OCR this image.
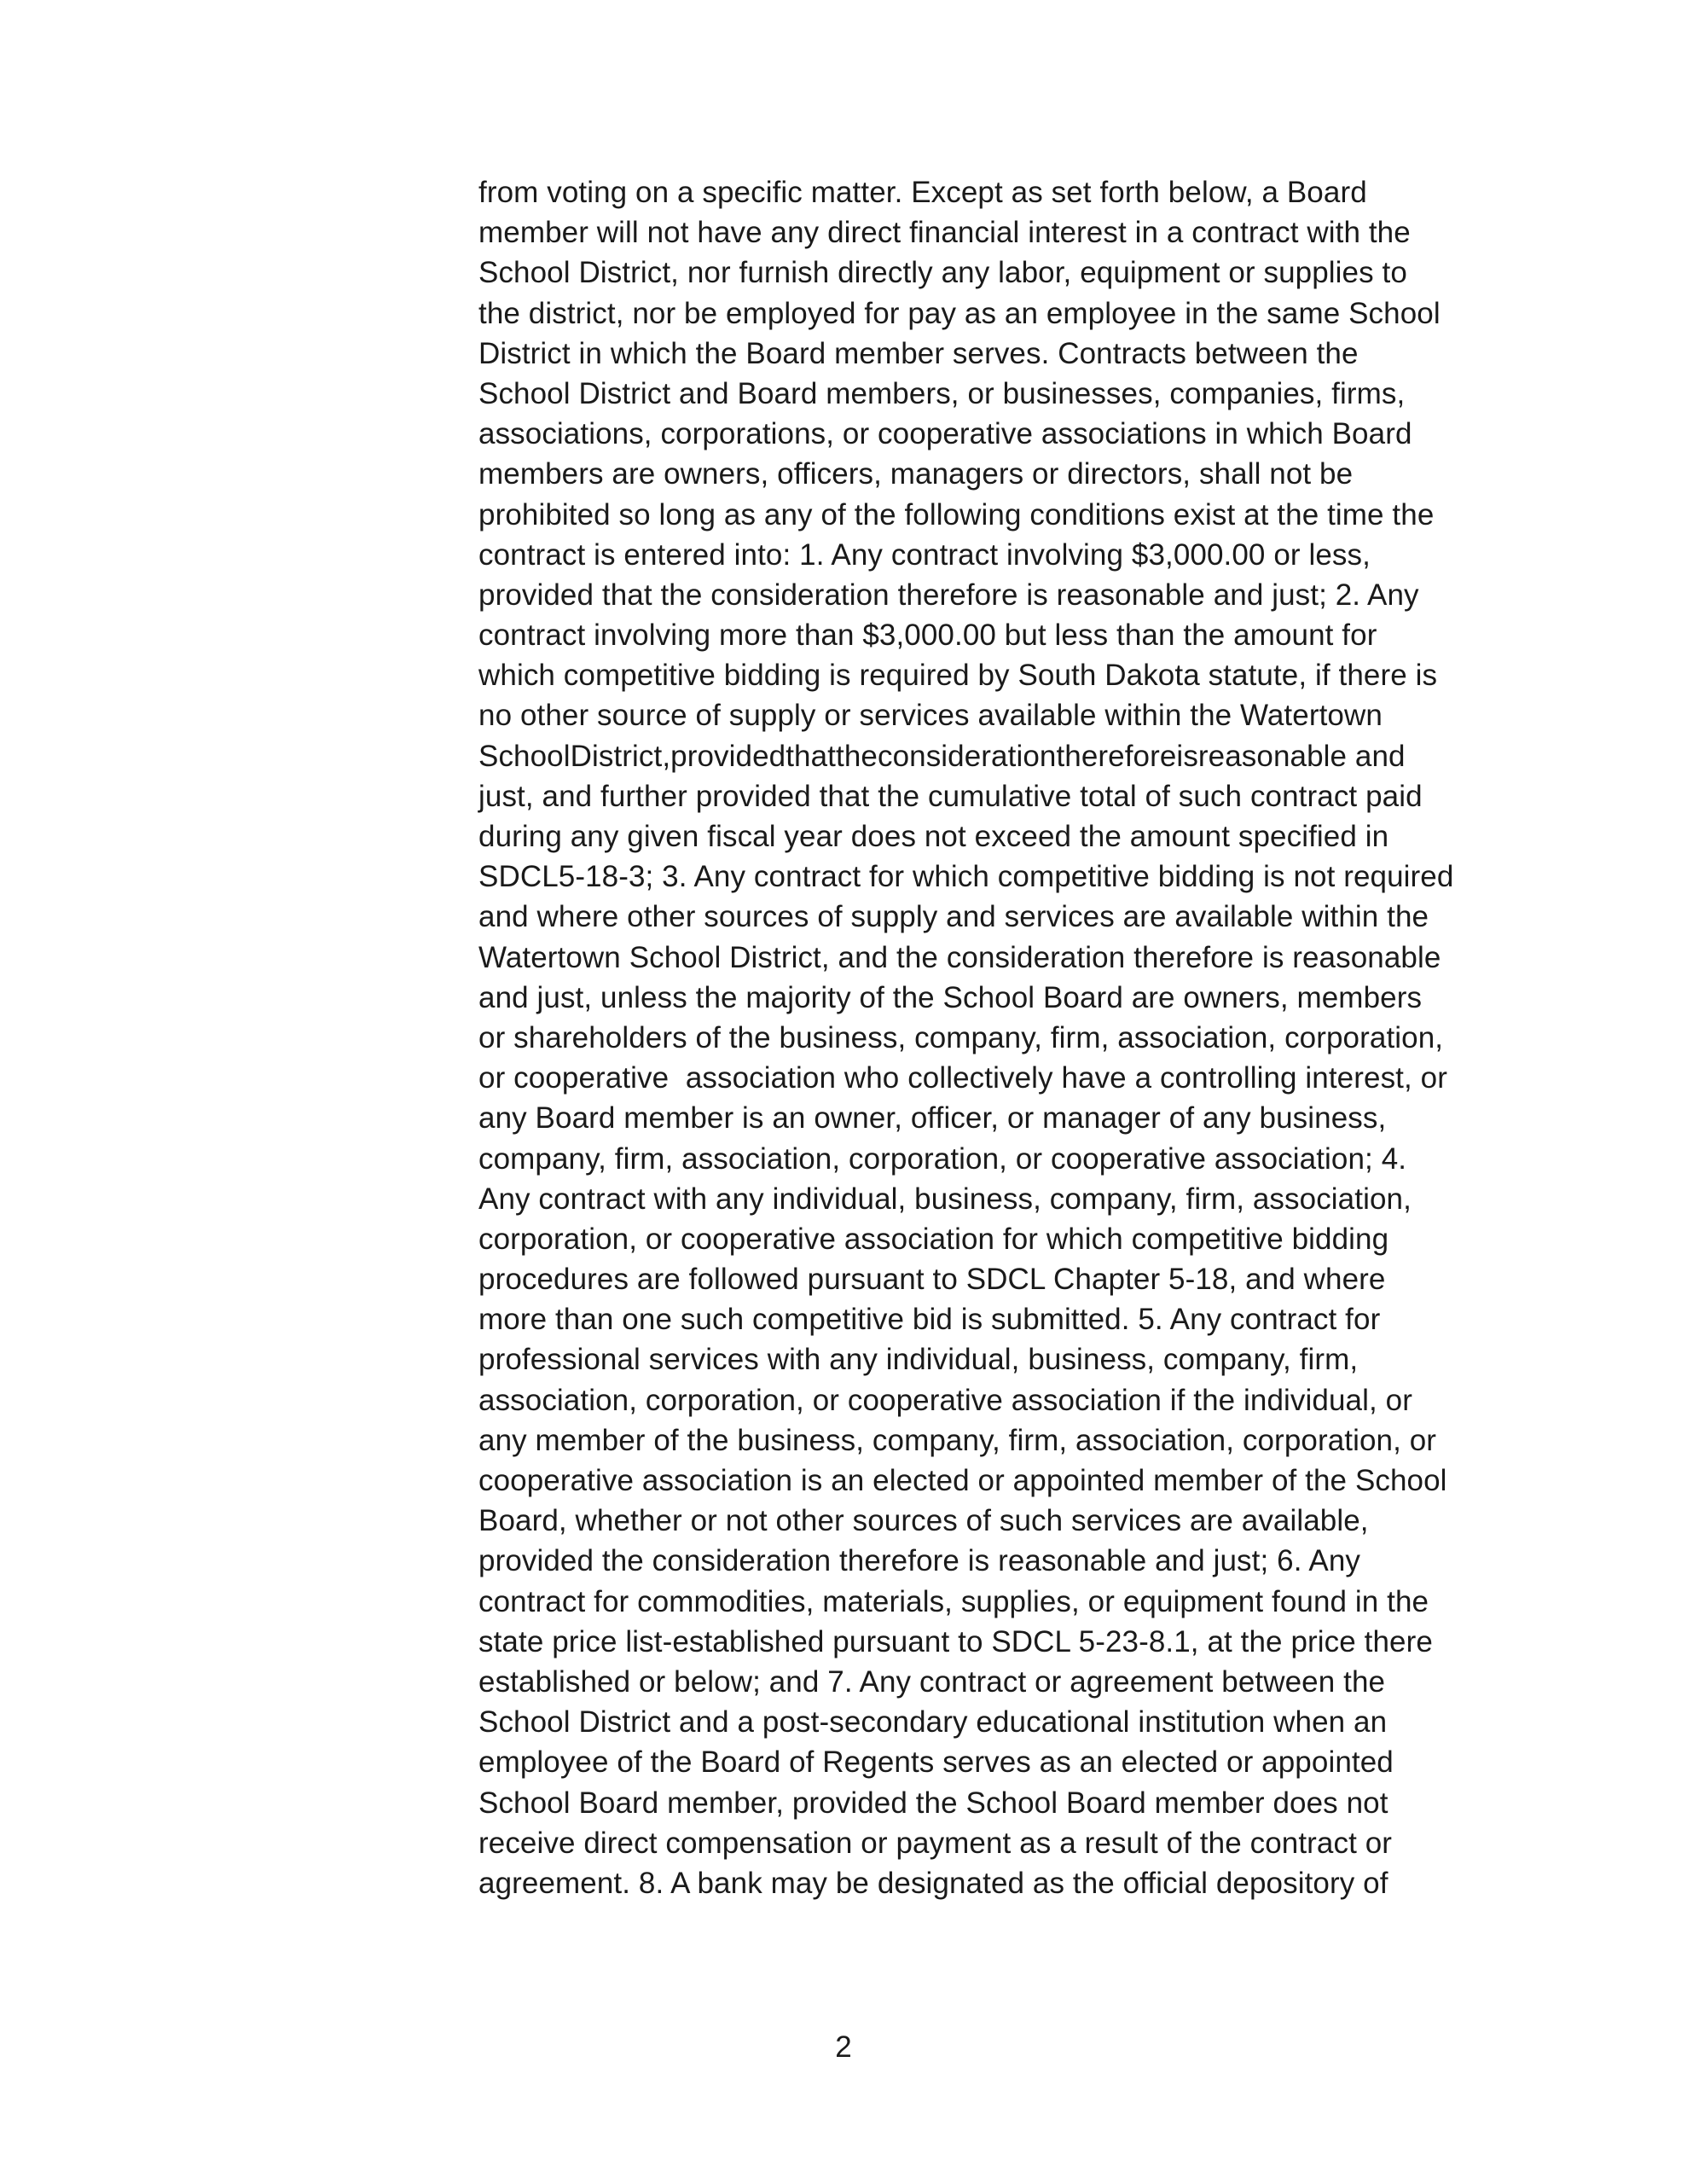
from voting on a specific matter. Except as set forth below, a Board
member will not have any direct financial interest in a contract with the
School District, nor furnish directly any labor, equipment or supplies to
the district, nor be employed for pay as an employee in the same School
District in which the Board member serves. Contracts between the
School District and Board members, or businesses, companies, firms,
associations, corporations, or cooperative associations in which Board
members are owners, officers, managers or directors, shall not be
prohibited so long as any of the following conditions exist at the time the
contract is entered into: 1. Any contract involving $3,000.00 or less,
provided that the consideration therefore is reasonable and just; 2. Any
contract involving more than $3,000.00 but less than the amount for
which competitive bidding is required by South Dakota statute, if there is
no other source of supply or services available within the Watertown
SchoolDistrict,providedthattheconsiderationthereforeisreasonable and
just, and further provided that the cumulative total of such contract paid
during any given fiscal year does not exceed the amount specified in
SDCL5-18-3; 3. Any contract for which competitive bidding is not required
and where other sources of supply and services are available within the
Watertown School District, and the consideration therefore is reasonable
and just, unless the majority of the School Board are owners, members
or shareholders of the business, company, firm, association, corporation,
or cooperative  association who collectively have a controlling interest, or
any Board member is an owner, officer, or manager of any business,
company, firm, association, corporation, or cooperative association; 4.
Any contract with any individual, business, company, firm, association,
corporation, or cooperative association for which competitive bidding
procedures are followed pursuant to SDCL Chapter 5-18, and where
more than one such competitive bid is submitted. 5. Any contract for
professional services with any individual, business, company, firm,
association, corporation, or cooperative association if the individual, or
any member of the business, company, firm, association, corporation, or
cooperative association is an elected or appointed member of the School
Board, whether or not other sources of such services are available,
provided the consideration therefore is reasonable and just; 6. Any
contract for commodities, materials, supplies, or equipment found in the
state price list-established pursuant to SDCL 5-23-8.1, at the price there
established or below; and 7. Any contract or agreement between the
School District and a post-secondary educational institution when an
employee of the Board of Regents serves as an elected or appointed
School Board member, provided the School Board member does not
receive direct compensation or payment as a result of the contract or
agreement. 8. A bank may be designated as the official depository of
2
